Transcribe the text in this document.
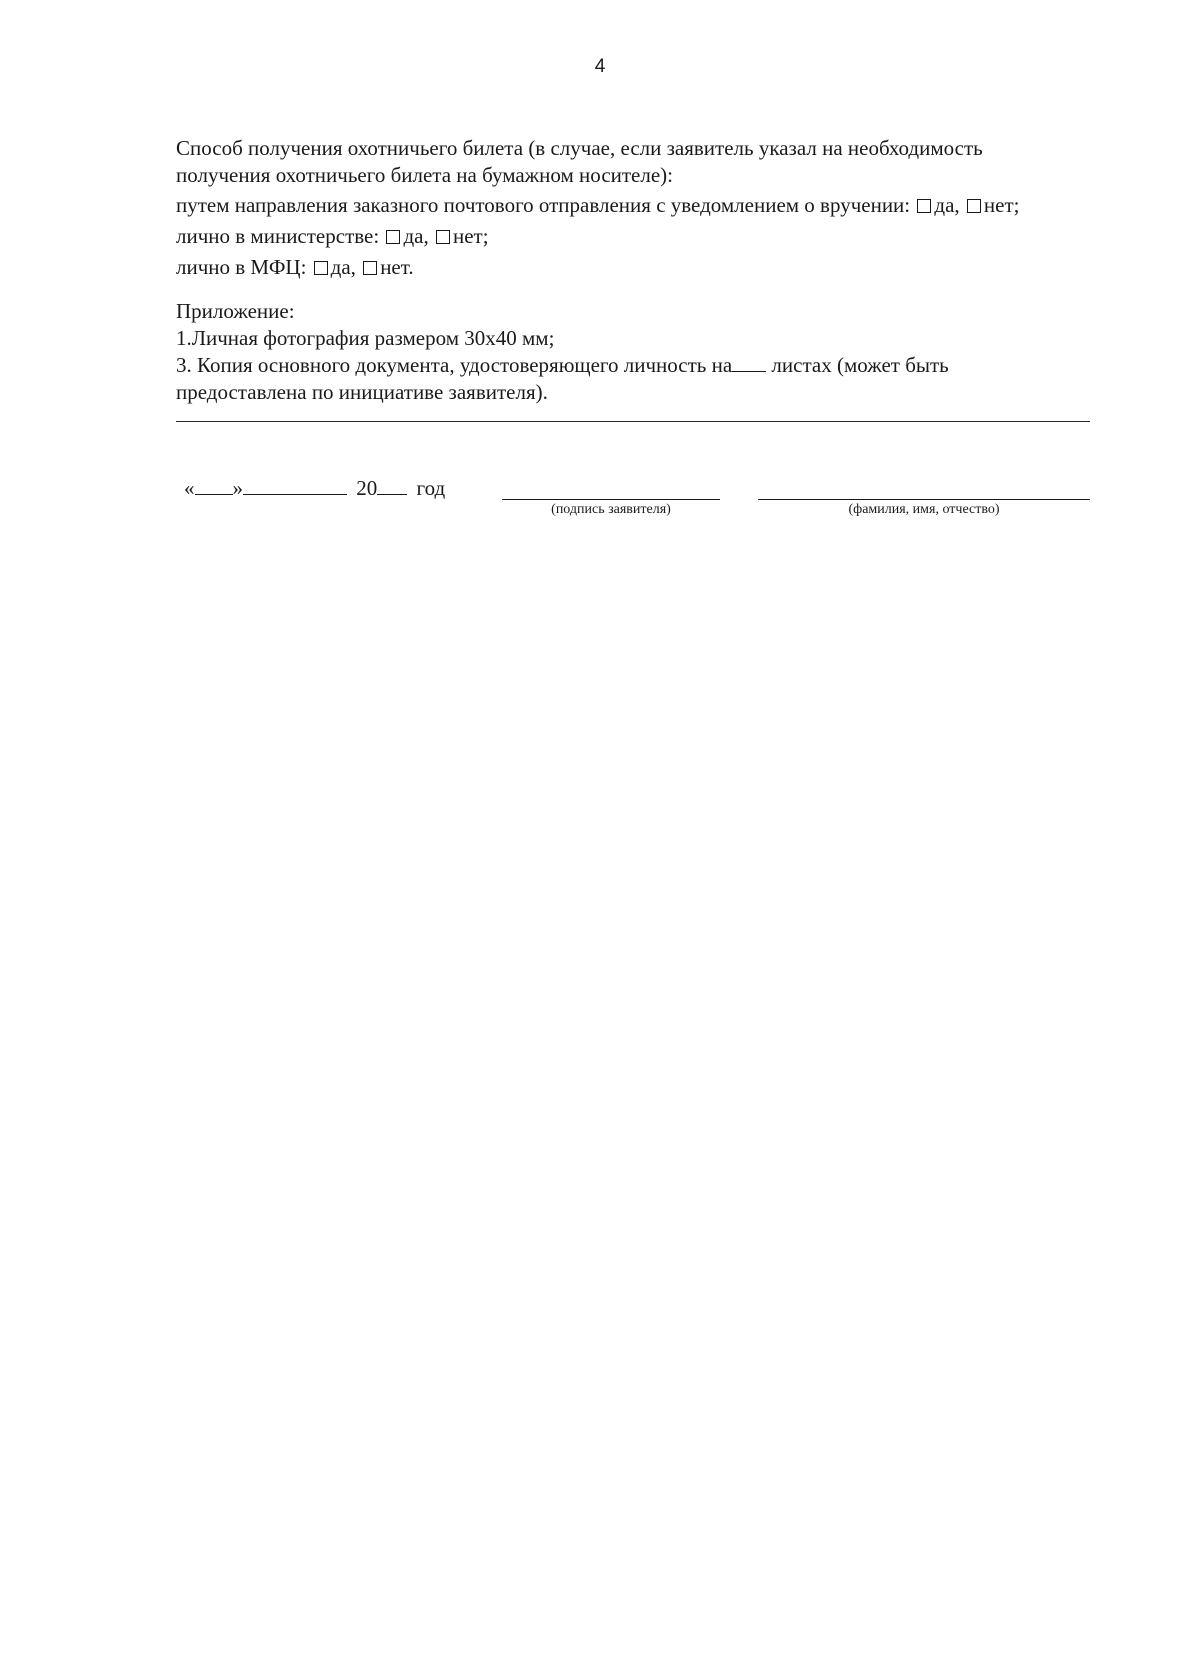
4
Способ получения охотничьего билета (в случае, если заявитель указал на необходимость
получения охотничьего билета на бумажном носителе):
путем направления заказного почтового отправления с уведомлением о вручении: да, нет;
лично в министерстве: да, нет;
лично в МФЦ: да, нет.
Приложение:
1.Личная фотография размером 30х40 мм;
3. Копия основного документа, удостоверяющего личность на листах (может быть
предоставлена по инициативе заявителя).
« »	20 год
(подпись заявителя)	(фамилия, имя, отчество)
